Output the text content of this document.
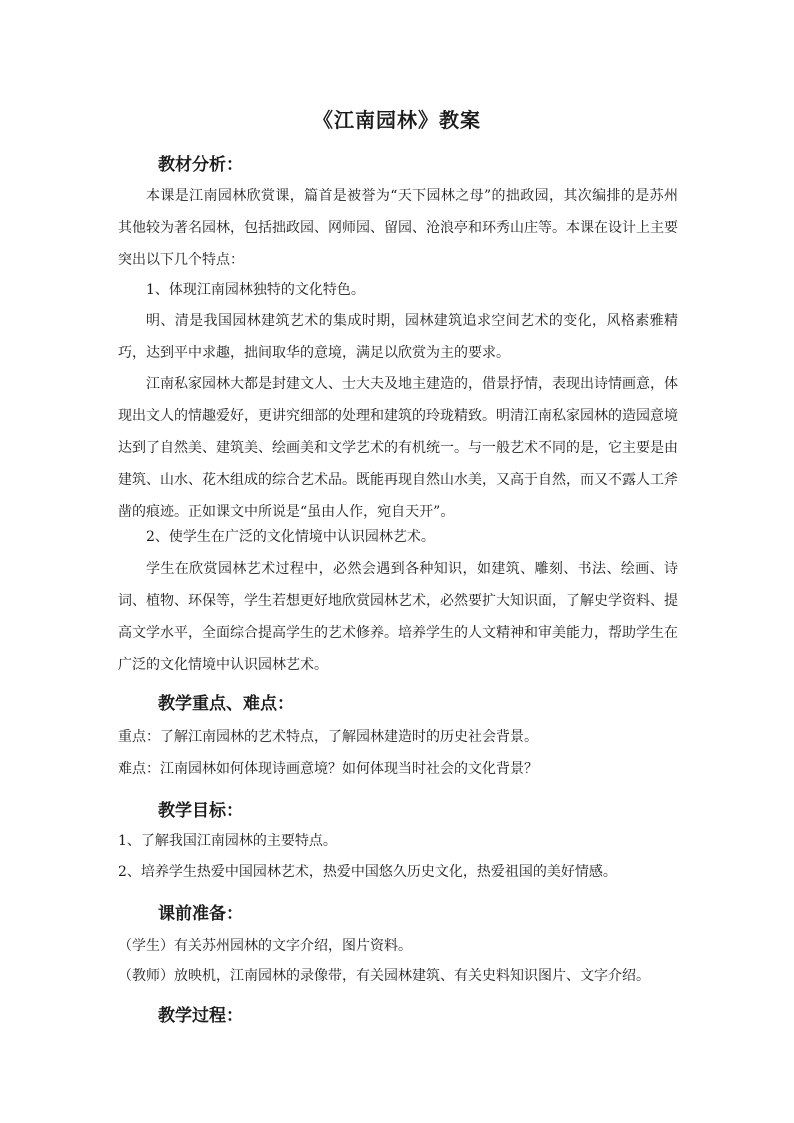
《江南园林》教案
教材分析：

本课是江南园林欣赏课，篇首是被誉为“天下园林之母”的拙政园，其次编排的是苏州其他较为著名园林，包括拙政园、网师园、留园、沧浪亭和环秀山庄等。本课在设计上主要突出以下几个特点：

1、体现江南园林独特的文化特色。

明、清是我国园林建筑艺术的集成时期，园林建筑追求空间艺术的变化，风格素雅精巧，达到平中求趣，拙间取华的意境，满足以欣赏为主的要求。

江南私家园林大都是封建文人、士大夫及地主建造的，借景抒情，表现出诗情画意，体现出文人的情趣爱好，更讲究细部的处理和建筑的玲珑精致。明清江南私家园林的造园意境达到了自然美、建筑美、绘画美和文学艺术的有机统一。与一般艺术不同的是，它主要是由建筑、山水、花木组成的综合艺术品。既能再现自然山水美，又高于自然，而又不露人工斧凿的痕迹。正如课文中所说是“虽由人作，宛自天开”。

2、使学生在广泛的文化情境中认识园林艺术。

学生在欣赏园林艺术过程中，必然会遇到各种知识，如建筑、雕刻、书法、绘画、诗词、植物、环保等，学生若想更好地欣赏园林艺术，必然要扩大知识面，了解史学资料、提高文学水平，全面综合提高学生的艺术修养。培养学生的人文精神和审美能力，帮助学生在广泛的文化情境中认识园林艺术。

教学重点、难点：
重点：了解江南园林的艺术特点，了解园林建造时的历史社会背景。
难点：江南园林如何体现诗画意境？如何体现当时社会的文化背景？
教学目标：
1、了解我国江南园林的主要特点。
2、培养学生热爱中国园林艺术，热爱中国悠久历史文化，热爱祖国的美好情感。
课前准备：
（学生）有关苏州园林的文字介绍，图片资料。
（教师）放映机，江南园林的录像带，有关园林建筑、有关史料知识图片、文字介绍。
教学过程：
